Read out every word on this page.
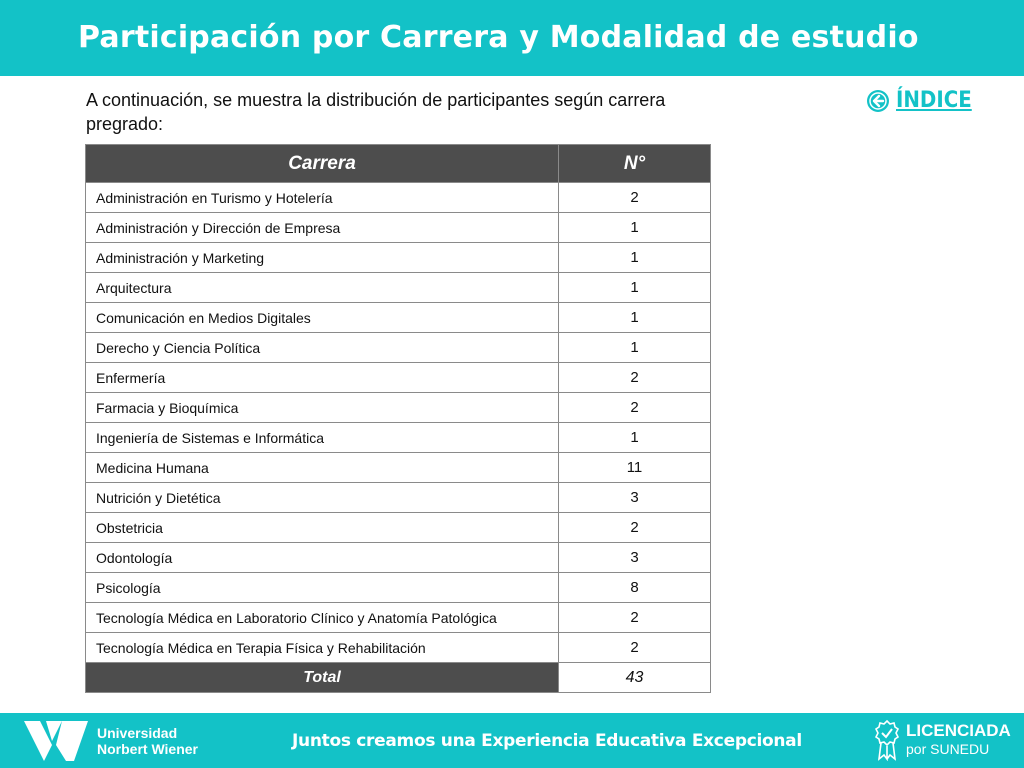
Participación por Carrera y Modalidad de estudio
A continuación, se muestra la distribución de participantes según carrera pregrado:
ÍNDICE
Carrera	N°
Administración en Turismo y Hotelería	2
Administración y Dirección de Empresa	1
Administración y Marketing	1
Arquitectura	1
Comunicación en Medios Digitales	1
Derecho y Ciencia Política	1
Enfermería	2
Farmacia y Bioquímica	2
Ingeniería de Sistemas e Informática	1
Medicina Humana	11
Nutrición y Dietética	3
Obstetricia	2
Odontología	3
Psicología	8
Tecnología Médica en Laboratorio Clínico y Anatomía Patológica	2
Tecnología Médica en Terapia Física y Rehabilitación	2
Total	43
Universidad
Norbert Wiener	Juntos creamos una Experiencia Educativa Excepcional
LICENCIADA
por SUNEDU
